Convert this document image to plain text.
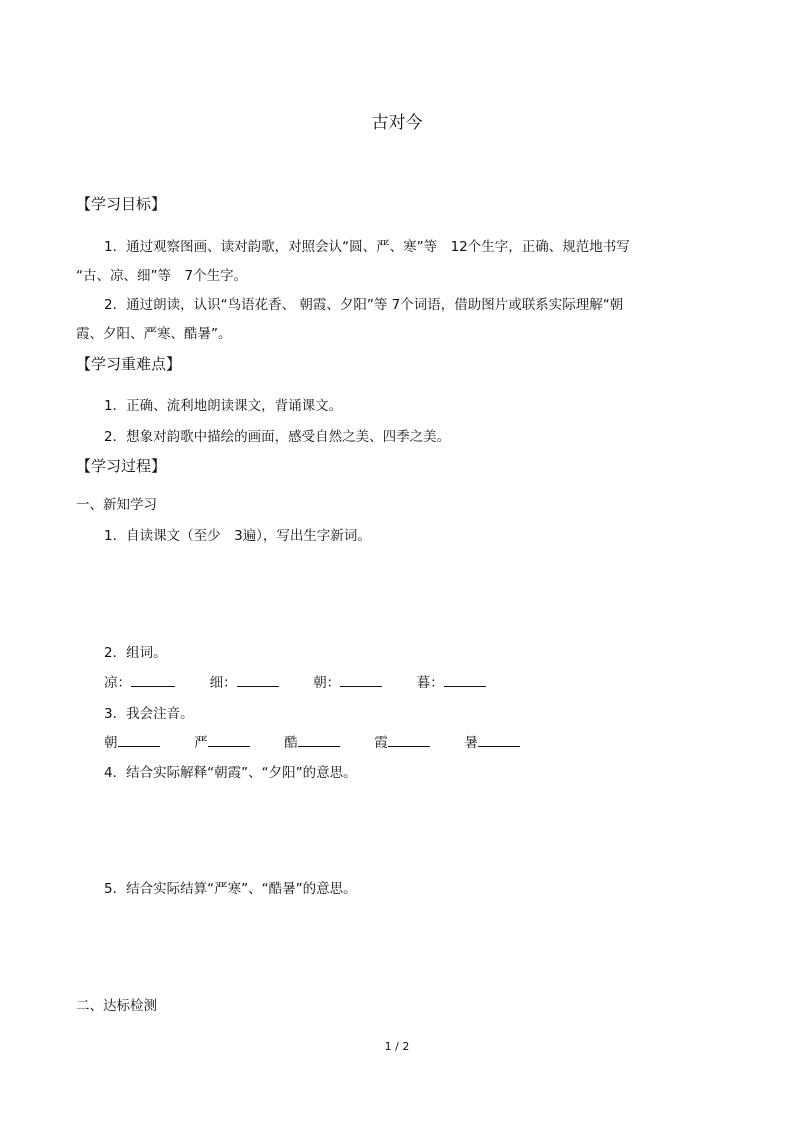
古对今
【学习目标】
1．通过观察图画、读对韵歌，对照会认“圆、严、寒”等　12个生字，正确、规范地书写
“古、凉、细”等　7个生字。
2．通过朗读，认识“鸟语花香、 朝霞、夕阳”等 7个词语，借助图片或联系实际理解“朝
霞、夕阳、严寒、酷暑”。
【学习重难点】
1．正确、流利地朗读课文，背诵课文。
2．想象对韵歌中描绘的画面，感受自然之美、四季之美。
【学习过程】
一、新知学习
1．自读课文（至少　3遍），写出生字新词。
2．组词。
凉：	细：	朝：	暮：
3．我会注音。
朝	严	酷	霞	暑
4．结合实际解释“朝霞”、“夕阳”的意思。
5．结合实际结算“严寒”、“酷暑”的意思。
二、达标检测
1 / 2
